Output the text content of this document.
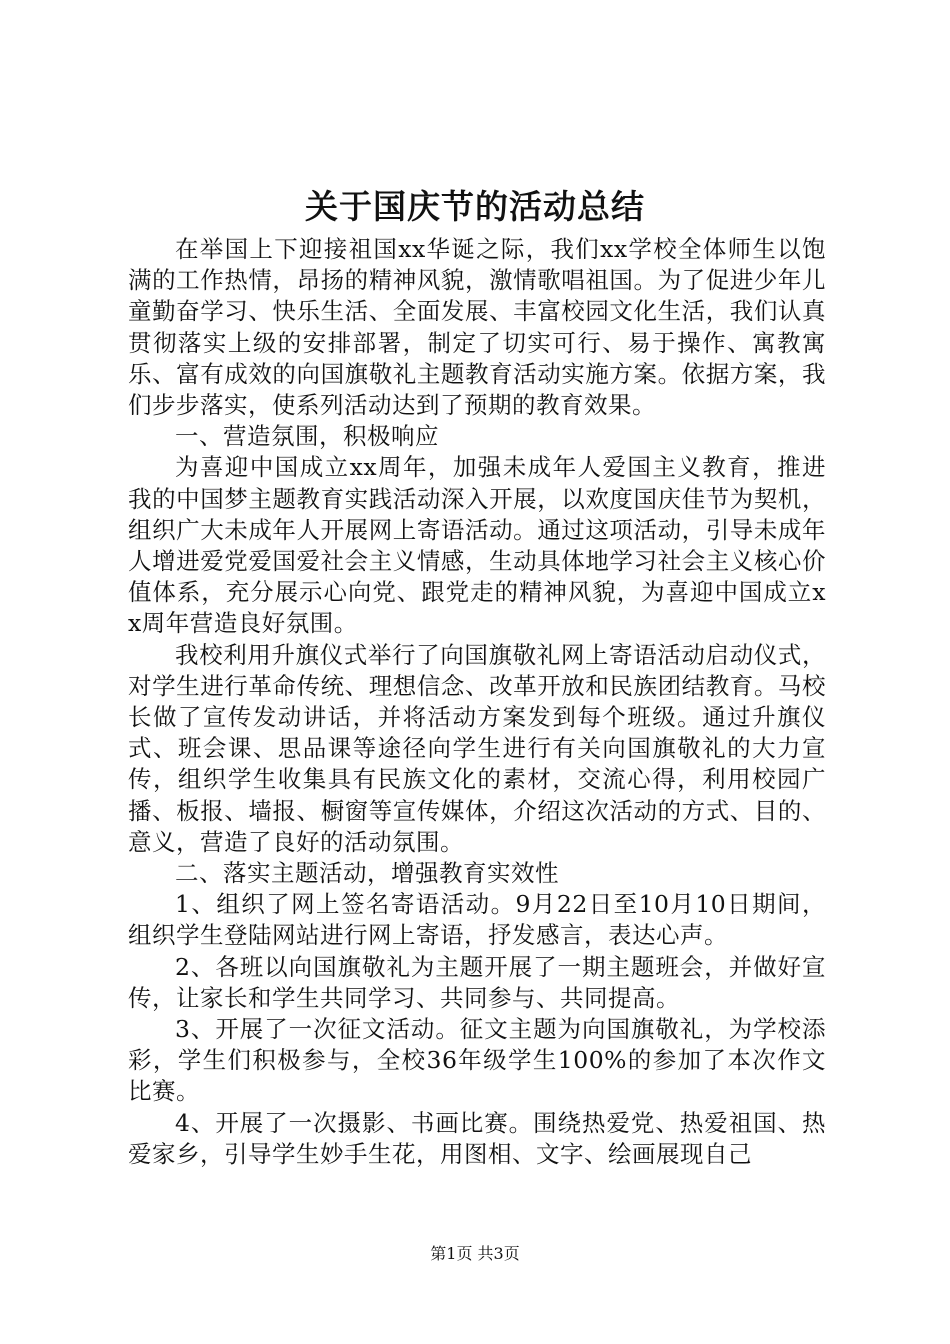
关于国庆节的活动总结

在举国上下迎接祖国xx华诞之际，我们xx学校全体师生以饱满的工作热情，昂扬的精神风貌，激情歌唱祖国。为了促进少年儿童勤奋学习、快乐生活、全面发展、丰富校园文化生活，我们认真贯彻落实上级的安排部署，制定了切实可行、易于操作、寓教寓乐、富有成效的向国旗敬礼主题教育活动实施方案。依据方案，我们步步落实，使系列活动达到了预期的教育效果。

一、营造氛围，积极响应

为喜迎中国成立xx周年，加强未成年人爱国主义教育，推进我的中国梦主题教育实践活动深入开展，以欢度国庆佳节为契机，组织广大未成年人开展网上寄语活动。通过这项活动，引导未成年人增进爱党爱国爱社会主义情感，生动具体地学习社会主义核心价值体系，充分展示心向党、跟党走的精神风貌，为喜迎中国成立xx周年营造良好氛围。

我校利用升旗仪式举行了向国旗敬礼网上寄语活动启动仪式，对学生进行革命传统、理想信念、改革开放和民族团结教育。马校长做了宣传发动讲话，并将活动方案发到每个班级。通过升旗仪式、班会课、思品课等途径向学生进行有关向国旗敬礼的大力宣传，组织学生收集具有民族文化的素材，交流心得，利用校园广播、板报、墙报、橱窗等宣传媒体，介绍这次活动的方式、目的、意义，营造了良好的活动氛围。

二、落实主题活动，增强教育实效性

1、组织了网上签名寄语活动。9月22日至10月10日期间，组织学生登陆网站进行网上寄语，抒发感言，表达心声。

2、各班以向国旗敬礼为主题开展了一期主题班会，并做好宣传，让家长和学生共同学习、共同参与、共同提高。

3、开展了一次征文活动。征文主题为向国旗敬礼，为学校添彩，学生们积极参与，全校36年级学生100%的参加了本次作文比赛。

4、开展了一次摄影、书画比赛。围绕热爱党、热爱祖国、热爱家乡，引导学生妙手生花，用图相、文字、绘画展现自己

第1页 共3页
